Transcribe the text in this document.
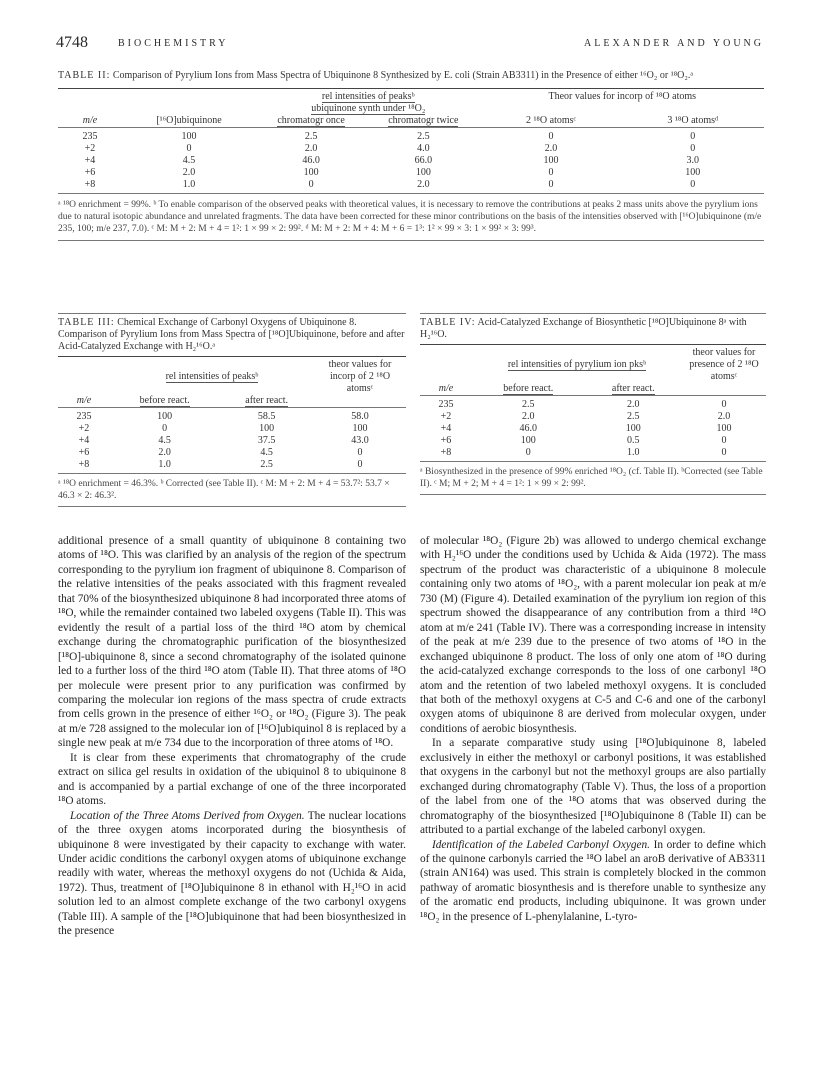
4748	BIOCHEMISTRY	ALEXANDER AND YOUNG
TABLE II: Comparison of Pyrylium Ions from Mass Spectra of Ubiquinone 8 Synthesized by E. coli (Strain AB3311) in the Presence of either ¹⁶O₂ or ¹⁸O₂.ᵃ
		rel intensities of peaksᵇ		Theor values for incorp of ¹⁸O atoms	
		ubiquinone synth under ¹⁸O₂			
m/e	[¹⁶O]ubiquinone	chromatogr once	chromatogr twice	2 ¹⁸O atomsᶜ	3 ¹⁸O atomsᵈ

235	100	2.5	2.5	0	0
+2	0	2.0	4.0	2.0	0
+4	4.5	46.0	66.0	100	3.0
+6	2.0	100	100	0	100
+8	1.0	0	2.0	0	0
ᵃ ¹⁸O enrichment = 99%. ᵇ To enable comparison of the observed peaks with theoretical values, it is necessary to remove the contributions at peaks 2 mass units above the pyrylium ions due to natural isotopic abundance and unrelated fragments. The data have been corrected for these minor contributions on the basis of the intensities observed with [¹⁶O]ubiquinone (m/e 235, 100; m/e 237, 7.0). ᶜ M: M + 2: M + 4 = 1²: 1 × 99 × 2: 99². ᵈ M: M + 2: M + 4: M + 6 = 1³: 1² × 99 × 3: 1 × 99² × 3: 99³.
TABLE III: Chemical Exchange of Carbonyl Oxygens of Ubiquinone 8. Comparison of Pyrylium Ions from Mass Spectra of [¹⁸O]Ubiquinone, before and after Acid-Catalyzed Exchange with H₂¹⁶O.ᵃ
			theor values for incorp of 2 ¹⁸O atomsᶜ
	rel intensities of peaksᵇ		
m/e	before react.	after react.	

235	100	58.5	58.0
+2	0	100	100
+4	4.5	37.5	43.0
+6	2.0	4.5	0
+8	1.0	2.5	0
ᵃ ¹⁸O enrichment = 46.3%. ᵇ Corrected (see Table II). ᶜ M: M + 2: M + 4 = 53.7²: 53.7 × 46.3 × 2: 46.3².
TABLE IV: Acid-Catalyzed Exchange of Biosynthetic [¹⁸O]Ubiquinone 8ᵃ with H₂¹⁶O.
			theor values for presence of 2 ¹⁸O atomsᶜ
	rel intensities of pyrylium ion pksᵇ		
m/e	before react.	after react.	

235	2.5	2.0	0
+2	2.0	2.5	2.0
+4	46.0	100	100
+6	100	0.5	0
+8	0	1.0	0
ᵃ Biosynthesized in the presence of 99% enriched ¹⁸O₂ (cf. Table II). ᵇCorrected (see Table II). ᶜ M; M + 2; M + 4 = 1²: 1 × 99 × 2: 99².

additional presence of a small quantity of ubiquinone 8 containing two atoms of ¹⁸O. This was clarified by an analysis of the region of the spectrum corresponding to the pyrylium ion fragment of ubiquinone 8. Comparison of the relative intensities of the peaks associated with this fragment revealed that 70% of the biosynthesized ubiquinone 8 had incorporated three atoms of ¹⁸O, while the remainder contained two labeled oxygens (Table II). This was evidently the result of a partial loss of the third ¹⁸O atom by chemical exchange during the chromatographic purification of the biosynthesized [¹⁸O]-ubiquinone 8, since a second chromatography of the isolated quinone led to a further loss of the third ¹⁸O atom (Table II). That three atoms of ¹⁸O per molecule were present prior to any purification was confirmed by comparing the molecular ion regions of the mass spectra of crude extracts from cells grown in the presence of either ¹⁶O₂ or ¹⁸O₂ (Figure 3). The peak at m/e 728 assigned to the molecular ion of [¹⁶O]ubiquinol 8 is replaced by a single new peak at m/e 734 due to the incorporation of three atoms of ¹⁸O.

It is clear from these experiments that chromatography of the crude extract on silica gel results in oxidation of the ubiquinol 8 to ubiquinone 8 and is accompanied by a partial exchange of one of the three incorporated ¹⁸O atoms.

Location of the Three Atoms Derived from Oxygen. The nuclear locations of the three oxygen atoms incorporated during the biosynthesis of ubiquinone 8 were investigated by their capacity to exchange with water. Under acidic conditions the carbonyl oxygen atoms of ubiquinone exchange readily with water, whereas the methoxyl oxygens do not (Uchida & Aida, 1972). Thus, treatment of [¹⁸O]ubiquinone 8 in ethanol with H₂¹⁶O in acid solution led to an almost complete exchange of the two carbonyl oxygens (Table III). A sample of the [¹⁸O]ubiquinone that had been biosynthesized in the presence

of molecular ¹⁸O₂ (Figure 2b) was allowed to undergo chemical exchange with H₂¹⁶O under the conditions used by Uchida & Aida (1972). The mass spectrum of the product was characteristic of a ubiquinone 8 molecule containing only two atoms of ¹⁸O₂, with a parent molecular ion peak at m/e 730 (M) (Figure 4). Detailed examination of the pyrylium ion region of this spectrum showed the disappearance of any contribution from a third ¹⁸O atom at m/e 241 (Table IV). There was a corresponding increase in intensity of the peak at m/e 239 due to the presence of two atoms of ¹⁸O in the exchanged ubiquinone 8 product. The loss of only one atom of ¹⁸O during the acid-catalyzed exchange corresponds to the loss of one carbonyl ¹⁸O atom and the retention of two labeled methoxyl oxygens. It is concluded that both of the methoxyl oxygens at C-5 and C-6 and one of the carbonyl oxygen atoms of ubiquinone 8 are derived from molecular oxygen, under conditions of aerobic biosynthesis.

In a separate comparative study using [¹⁸O]ubiquinone 8, labeled exclusively in either the methoxyl or carbonyl positions, it was established that oxygens in the carbonyl but not the methoxyl groups are also partially exchanged during chromatography (Table V). Thus, the loss of a proportion of the label from one of the ¹⁸O atoms that was observed during the chromatography of the biosynthesized [¹⁸O]ubiquinone 8 (Table II) can be attributed to a partial exchange of the labeled carbonyl oxygen.

Identification of the Labeled Carbonyl Oxygen. In order to define which of the quinone carbonyls carried the ¹⁸O label an aroB derivative of AB3311 (strain AN164) was used. This strain is completely blocked in the common pathway of aromatic biosynthesis and is therefore unable to synthesize any of the aromatic end products, including ubiquinone. It was grown under ¹⁸O₂ in the presence of L-phenylalanine, L-tyro-
